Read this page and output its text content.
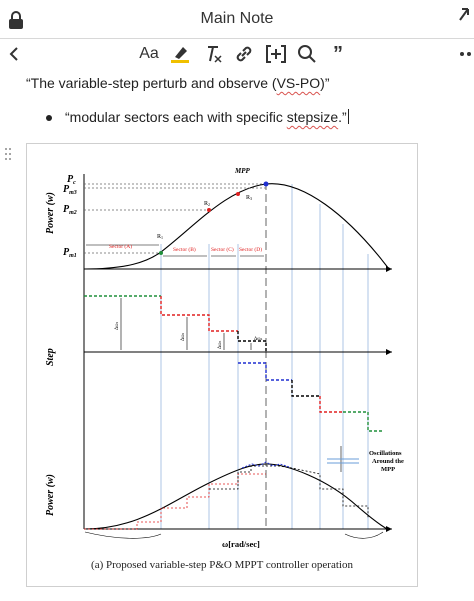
Main Note
Aa	”
“The variable-step perturb and observe (VS-PO)”
“modular sectors each with specific stepsize.”
MPP
$P_c$
$P_{m3}$
$P_{m2}$
$P_{m1}$
R1
R2
R3
Sector (A)	Sector (B)	Sector (C) Sector (D)
Power (w)
Step
Δω1
Δω2
Δω3	Δω4
Power (w)
Oscillations
Around the
MPP
ω[rad/sec]
(a) Proposed variable-step P&O MPPT controller operation
